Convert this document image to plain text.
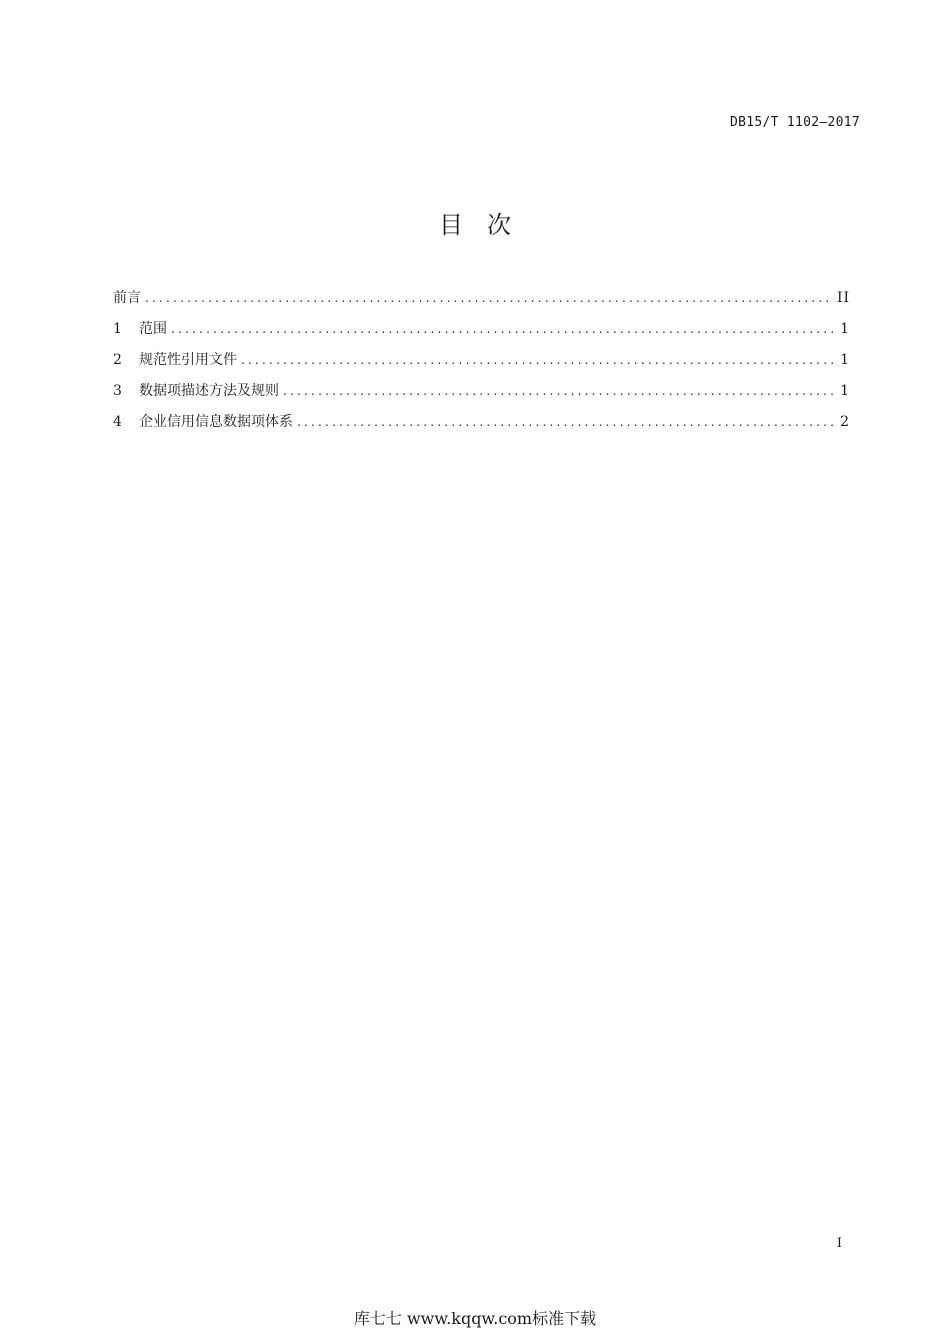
DB15/T 1102—2017
目次
前言 .....	II
1	范围 .....	1
2	规范性引用文件 .....	1
3	数据项描述方法及规则 .....	1
4	企业信用信息数据项体系 .....	2
I
库七七 www.kqqw.com标准下载
